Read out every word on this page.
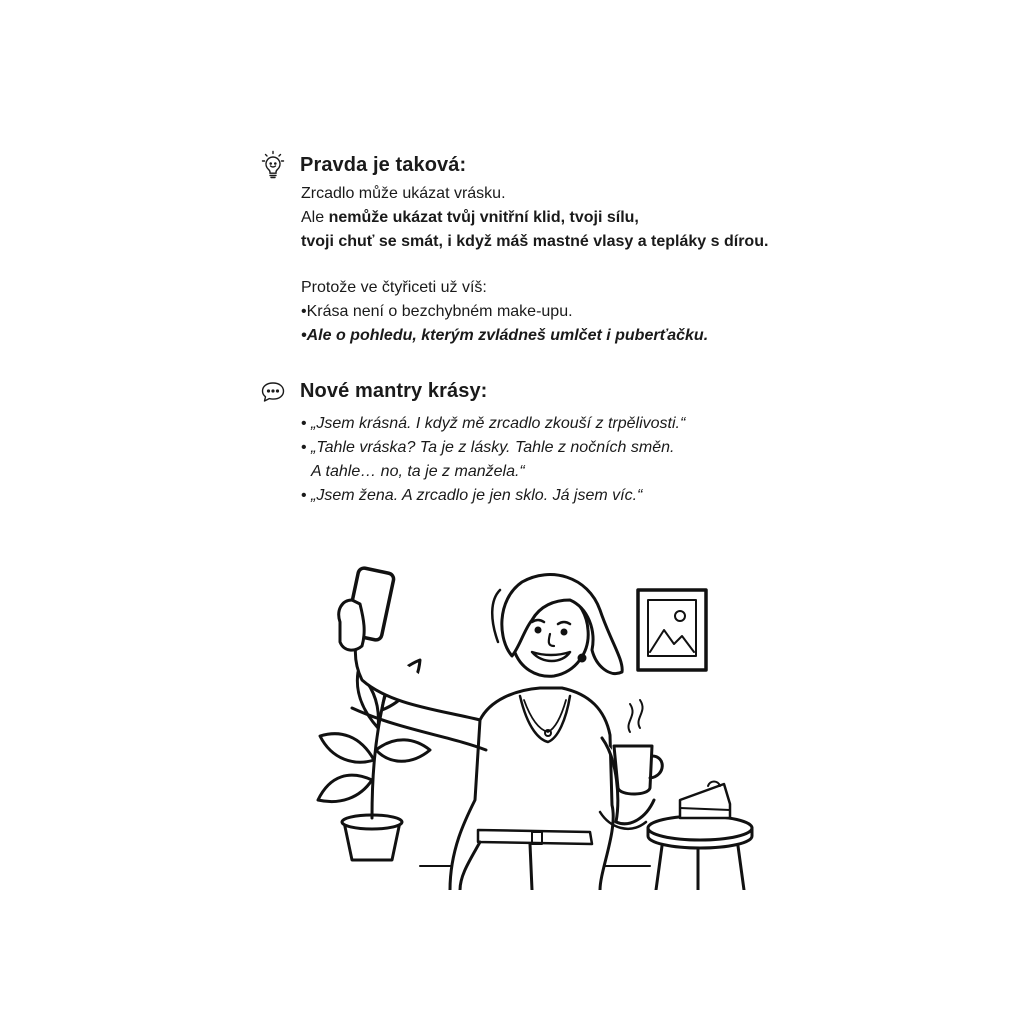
Pravda je taková:

Zrcadlo může ukázat vrásku.

Ale nemůže ukázat tvůj vnitřní klid, tvoji sílu,

tvoji chuť se smát, i když máš mastné vlasy a tepláky s dírou.

Protože ve čtyřiceti už víš:

•Krása není o bezchybném make-upu.

•Ale o pohledu, kterým zvládneš umlčet i puberťačku.

Nové mantry krásy:
• „Jsem krásná. I když mě zrcadlo zkouší z trpělivosti.“
• „Tahle vráska? Ta je z lásky. Tahle z nočních směn.
A tahle… no, ta je z manžela.“
• „Jsem žena. A zrcadlo je jen sklo. Já jsem víc.“
